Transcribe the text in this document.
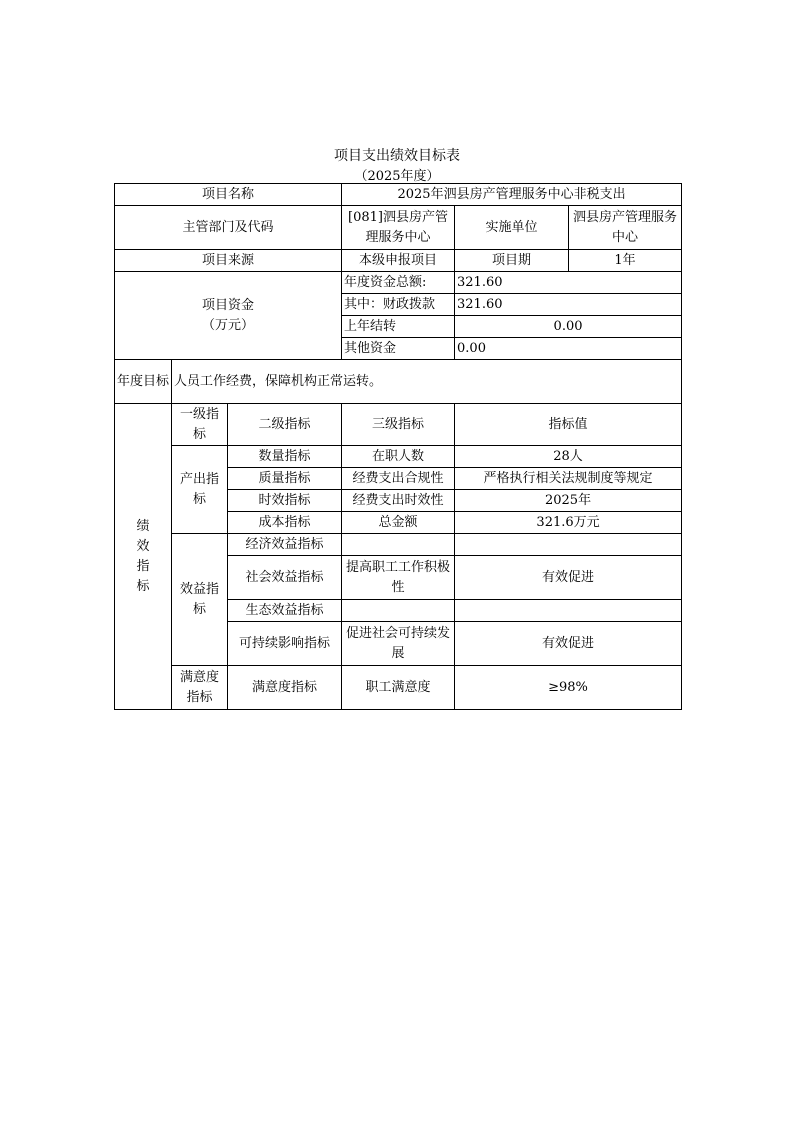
项目支出绩效目标表
（2025年度）
项目名称			2025年泗县房产管理服务中心非税支出		
主管部门及代码			[081]泗县房产管理服务中心	实施单位	泗县房产管理服务中心
项目来源			本级申报项目	项目期	1年

项目资金
（万元）			年度资金总额:	321.60	
			其中：财政拨款	321.60	
			上年结转	0.00	
			其他资金	0.00	
年度目标	人员工作经费，保障机构正常运转。				
绩效指标	一级指标	二级指标	三级指标	指标值	
	产出指标	数量指标	在职人数	28人	
		质量指标	经费支出合规性	严格执行相关法规制度等规定	
		时效指标	经费支出时效性	2025年	
		成本指标	总金额	321.6万元	
	效益指标	经济效益指标			
		社会效益指标	提高职工工作积极性	有效促进	
		生态效益指标			
		可持续影响指标	促进社会可持续发展	有效促进	
	满意度指标	满意度指标	职工满意度	≥98%	
